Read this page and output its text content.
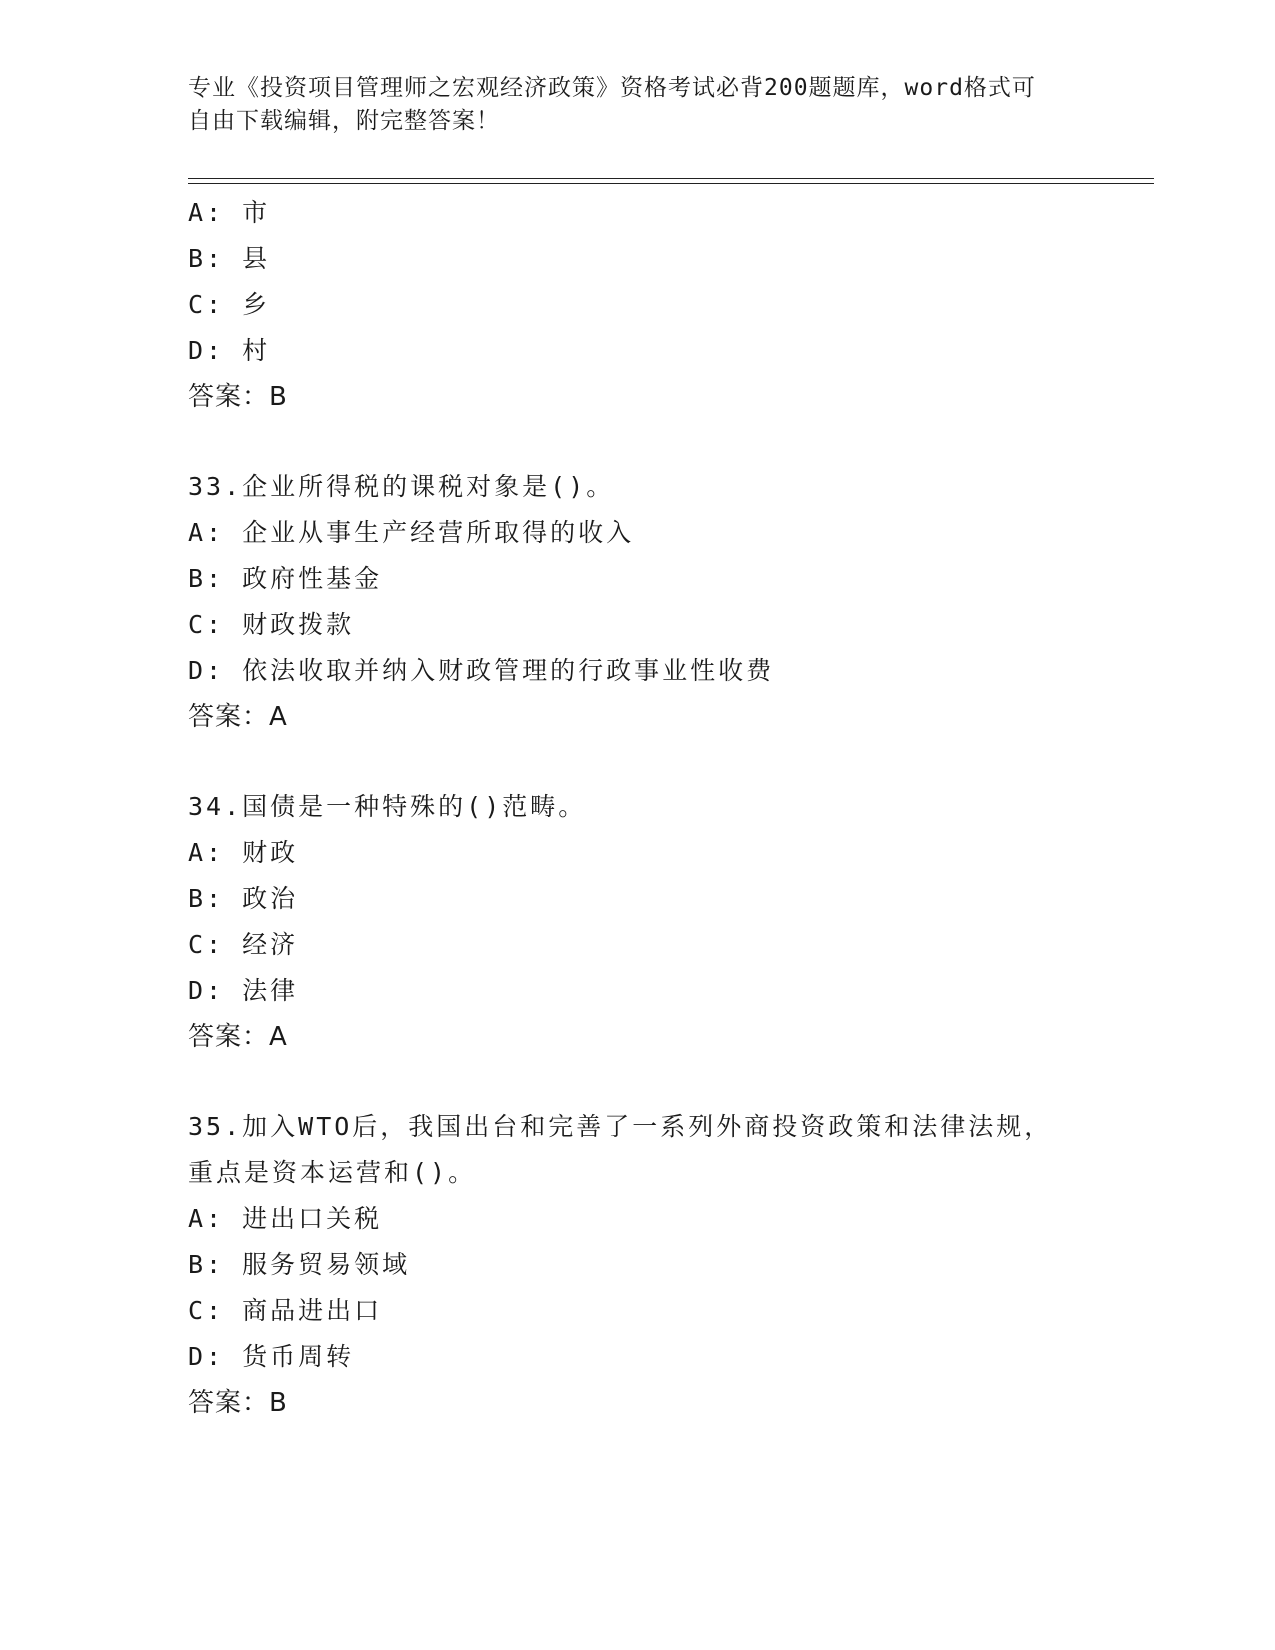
专业《投资项目管理师之宏观经济政策》资格考试必背200题题库，word格式可
自由下载编辑，附完整答案！
A: 市
B: 县
C: 乡
D: 村
答案：B
33.企业所得税的课税对象是()。
A: 企业从事生产经营所取得的收入
B: 政府性基金
C: 财政拨款
D: 依法收取并纳入财政管理的行政事业性收费
答案：A
34.国债是一种特殊的()范畴。
A: 财政
B: 政治
C: 经济
D: 法律
答案：A
35.加入WTO后，我国出台和完善了一系列外商投资政策和法律法规，
重点是资本运营和()。
A: 进出口关税
B: 服务贸易领域
C: 商品进出口
D: 货币周转
答案：B
